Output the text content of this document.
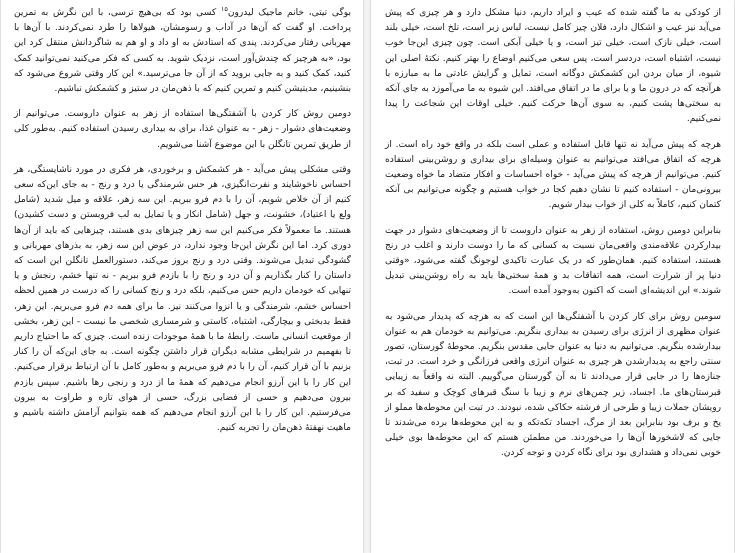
بوگی تیتی، خانم ماجیک لیدرون$^{۱۵}$ کسی بود که بی‌هیچ ترسی، با این نگرش به تمرین پرداخت. او گفت که آن‌ها در آداب و رسومشان، هیولاها را طرد نمی‌کردند. با آن‌ها با مهربانی رفتار می‌کردند. پندی که استادش به او داد و او هم به شاگردانش منتقل کرد این بود، «به هرچیز که چندش‌آور است، نزدیک شوید. به کسی که فکر می‌کنید نمی‌توانید کمک کنید، کمک کنید و به جایی بروید که از آن جا می‌ترسید.» این کار وقتی شروع می‌شود که بنشینیم، مدیتیشن کنیم و تمرین کنیم که با ذهن‌مان در ستیز و کشمکش نباشیم.

دومین روش کار کردن با آشفتگی‌ها استفاده از زهر به عنوان داروست. می‌توانیم از وضعیت‌های دشوار - زهر - به عنوان غذا، برای به بیداری رسیدن استفاده کنیم. به‌طور کلی از طریق تمرین تانگلن با این موضوع آشنا می‌شویم.

وقتی مشکلی پیش می‌آید - هر کشمکش و برخوردی، هر فکری در مورد ناشایستگی، هر احساس ناخوشایند و نفرت‌انگیزی، هر حس شرمندگی یا درد و رنج - به جای این‌که سعی کنیم از آن خلاص شویم، آن را با دم فرو ببریم. این سه زهر، علاقه و میل شدید (شامل ولع یا اعتیاد)، خشونت، و جهل (شامل انکار و یا تمایل به لب فروبستن و دست کشیدن) هستند. ما معمولاً فکر می‌کنیم این سه زهر چیزهای بدی هستند، چیزهایی که باید از آن‌ها دوری کرد. اما این نگرش این‌جا وجود ندارد، در عوض این سه زهر، به بذرهای مهربانی و گشودگی تبدیل می‌شوند. وقتی درد و رنج بروز می‌کند، دستورالعمل تانگلن این است که داستان را کنار بگذاریم و آن درد و رنج را با بازدم فرو ببریم - نه تنها خشم، رنجش و یا تنهایی که خودمان داریم حس می‌کنیم، بلکه درد و رنج کسانی را که درست در همین لحظه احساس خشم، شرمندگی و یا انزوا می‌کنند نیز. ما برای همه دم فرو می‌بریم. این زهر، فقط بدبختی و بیچارگی، اشتباه، کاستی و شرمساری شخصی ما نیست - این زهر، بخشی از موقعیت انسانی ماست. رابطهٔ ما با همهٔ موجودات زنده است. چیزی که ما احتیاج داریم تا بفهمیم در شرایطی مشابه دیگران قرار داشتن چگونه است. به جای این‌که آن را کنار بزنیم با آن قرار کنیم، آن را با دم فرو می‌بریم و به‌طور کامل با آن ارتباط برقرار می‌کنیم. این کار را با این آرزو انجام می‌دهیم که همهٔ ما از درد و رنجی رها باشیم. سپس بازدم بیرون می‌دهیم و حسی از فضایی بزرگ، حسی از هوای تازه و طراوت به بیرون می‌فرستیم. این کار را با این آرزو انجام می‌دهیم که همه بتوانیم آرامش داشته باشیم و ماهیت نهفتهٔ ذهن‌مان را تجربه کنیم.

از کودکی به ما گفته شده که عیب و ایراد داریم، دنیا مشکل دارد و هر چیزی که پیش می‌آید نیز عیب و اشکال دارد، فلان چیز کامل نیست، لباس زبر است، تلخ است، خیلی بلند است، خیلی نازک است، خیلی تیز است، و یا خیلی آبکی است. چون چیزی این‌جا خوب نیست، اشتباه است، دردسر است، پس سعی می‌کنیم اوضاع را بهتر کنیم. نکتهٔ اصلی این شیوه، از میان بردن این کشمکش دوگانه است، تمایل و گرایش عادتی ما به مبارزه با هرآنچه که در درون ما و یا برای ما در اتفاق می‌افتد. این شیوه به ما می‌آموزد به جای آنکه به سختی‌ها پشت کنیم، به سوی آن‌ها حرکت کنیم. خیلی اوقات این شجاعت را پیدا نمی‌کنیم.

هرچه که پیش می‌آید نه تنها قابل استفاده و عملی است بلکه در واقع خود راه است. از هرچه که اتفاق می‌افتد می‌توانیم به عنوان وسیله‌ای برای بیداری و روشن‌بینی استفاده کنیم. می‌توانیم از هرچه که پیش می‌آید - خواه احساسات و افکار متضاد ما خواه وضعیت بیرونی‌مان - استفاده کنیم تا نشان دهیم کجا در خواب هستیم و چگونه می‌توانیم بی آنکه کتمان کنیم، کاملاً به کلی از خواب بیدار شویم.

بنابراین دومین روش، استفاده از زهر به عنوان داروست تا از وضعیت‌های دشوار در جهت بیدارکردن علاقه‌مندی واقعی‌مان نسبت به کسانی که ما را دوست دارند و اغلب در رنج هستند، استفاده کنیم. همان‌طور که در یک عبارت تاکیدی لوجونگ گفته می‌شود، «وقتی دنیا پر از شرارت است، همه اتفاقات بد و همهٔ سختی‌ها باید به راه روشن‌بینی تبدیل شوند.» این اندیشه‌ای است که اکنون به‌وجود آمده است.

سومین روش برای کار کردن با آشفتگی‌ها این است که به هرچه که پدیدار می‌شود به عنوان مظهری از انرژی برای رسیدن به بیداری بنگریم. می‌توانیم به خودمان هم به عنوان بیدارشده بنگریم. می‌توانیم به دنیا به عنوان جایی مقدس بنگریم. محوطهٔ گورستان، تصور سنتی راجع به پدیدارشدن هر چیزی به عنوان انرژی واقعی فرزانگی و خرد است. در تبت، جنازه‌ها را در جایی قرار می‌دادند تا به آن گورستان می‌گوییم. البته نه واقعاً به زیبایی قبرستان‌های ما. اجساد، زیر چمن‌های نرم و زیبا با سنگ قبرهای کوچک و سفید که بر رویشان جملات زیبا و طرحی از فرشته حکاکی شده، نبودند. در تبت این محوطه‌ها مملو از یخ و برف بود بنابراین بعد از مرگ، اجساد تکه‌تکه و به این محوطه‌ها برده می‌شدند تا جایی که لاشخورها آن‌ها را می‌خوردند. من مطمئن هستم که این محوطه‌ها بوی خیلی خوبی نمی‌داد و هشداری بود برای نگاه کردن و توجه کردن.
